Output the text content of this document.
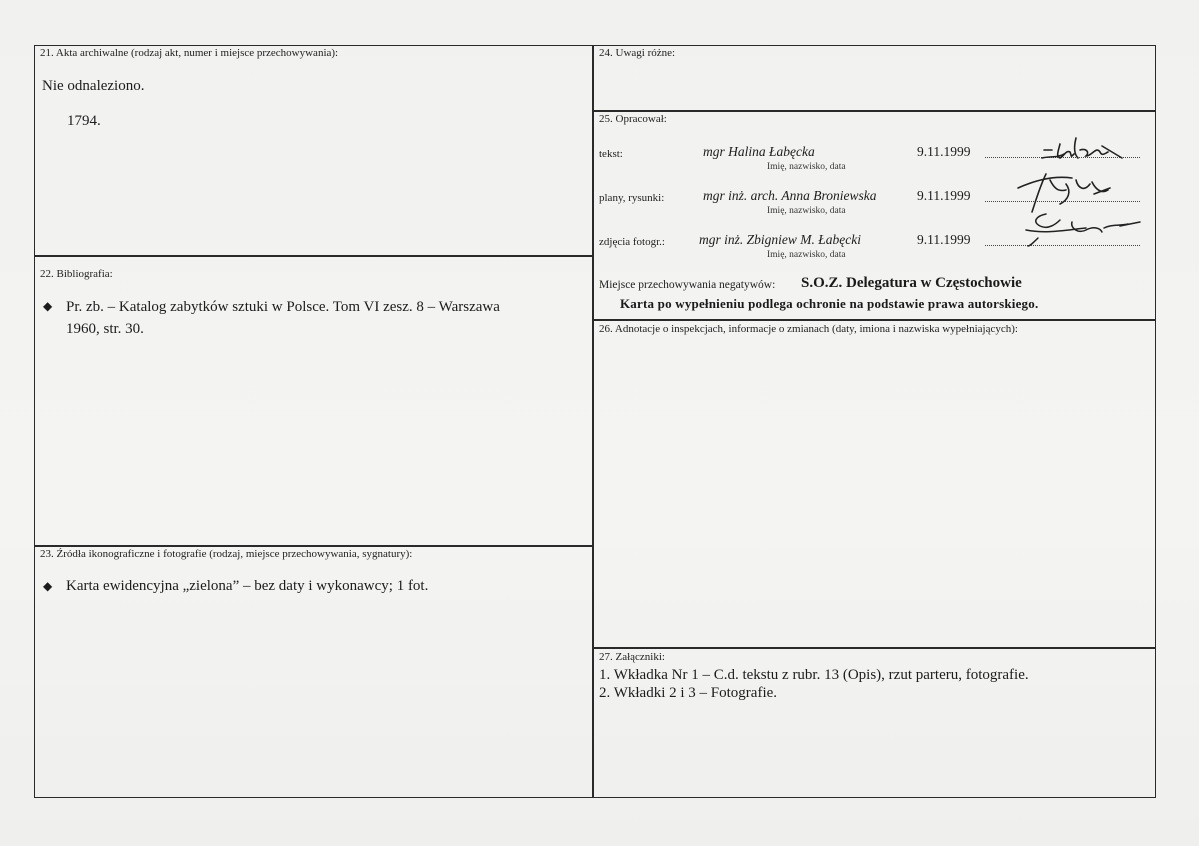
21. Akta archiwalne (rodzaj akt, numer i miejsce przechowywania):
Nie odnaleziono.
1794.
22. Bibliografia:
◆ Pr. zb. – Katalog zabytków sztuki w Polsce. Tom VI zesz. 8 – Warszawa
1960, str. 30.
23. Źródła ikonograficzne i fotografie (rodzaj, miejsce przechowywania, sygnatury):
◆ Karta ewidencyjna „zielona” – bez daty i wykonawcy; 1 fot.
24. Uwagi różne:
25. Opracował:
tekst:	mgr Halina Łabęcka
Imię, nazwisko, data
9.11.1999
plany, rysunki:	mgr inż. arch. Anna Broniewska
Imię, nazwisko, data
9.11.1999
zdjęcia fotogr.:	mgr inż. Zbigniew M. Łabęcki
Imię, nazwisko, data
9.11.1999
Miejsce przechowywania negatywów: S.O.Z. Delegatura w Częstochowie
Karta po wypełnieniu podlega ochronie na podstawie prawa autorskiego.
26. Adnotacje o inspekcjach, informacje o zmianach (daty, imiona i nazwiska wypełniających):
27. Załączniki:
1. Wkładka Nr 1 – C.d. tekstu z rubr. 13 (Opis), rzut parteru, fotografie.
2. Wkładki 2 i 3 – Fotografie.
